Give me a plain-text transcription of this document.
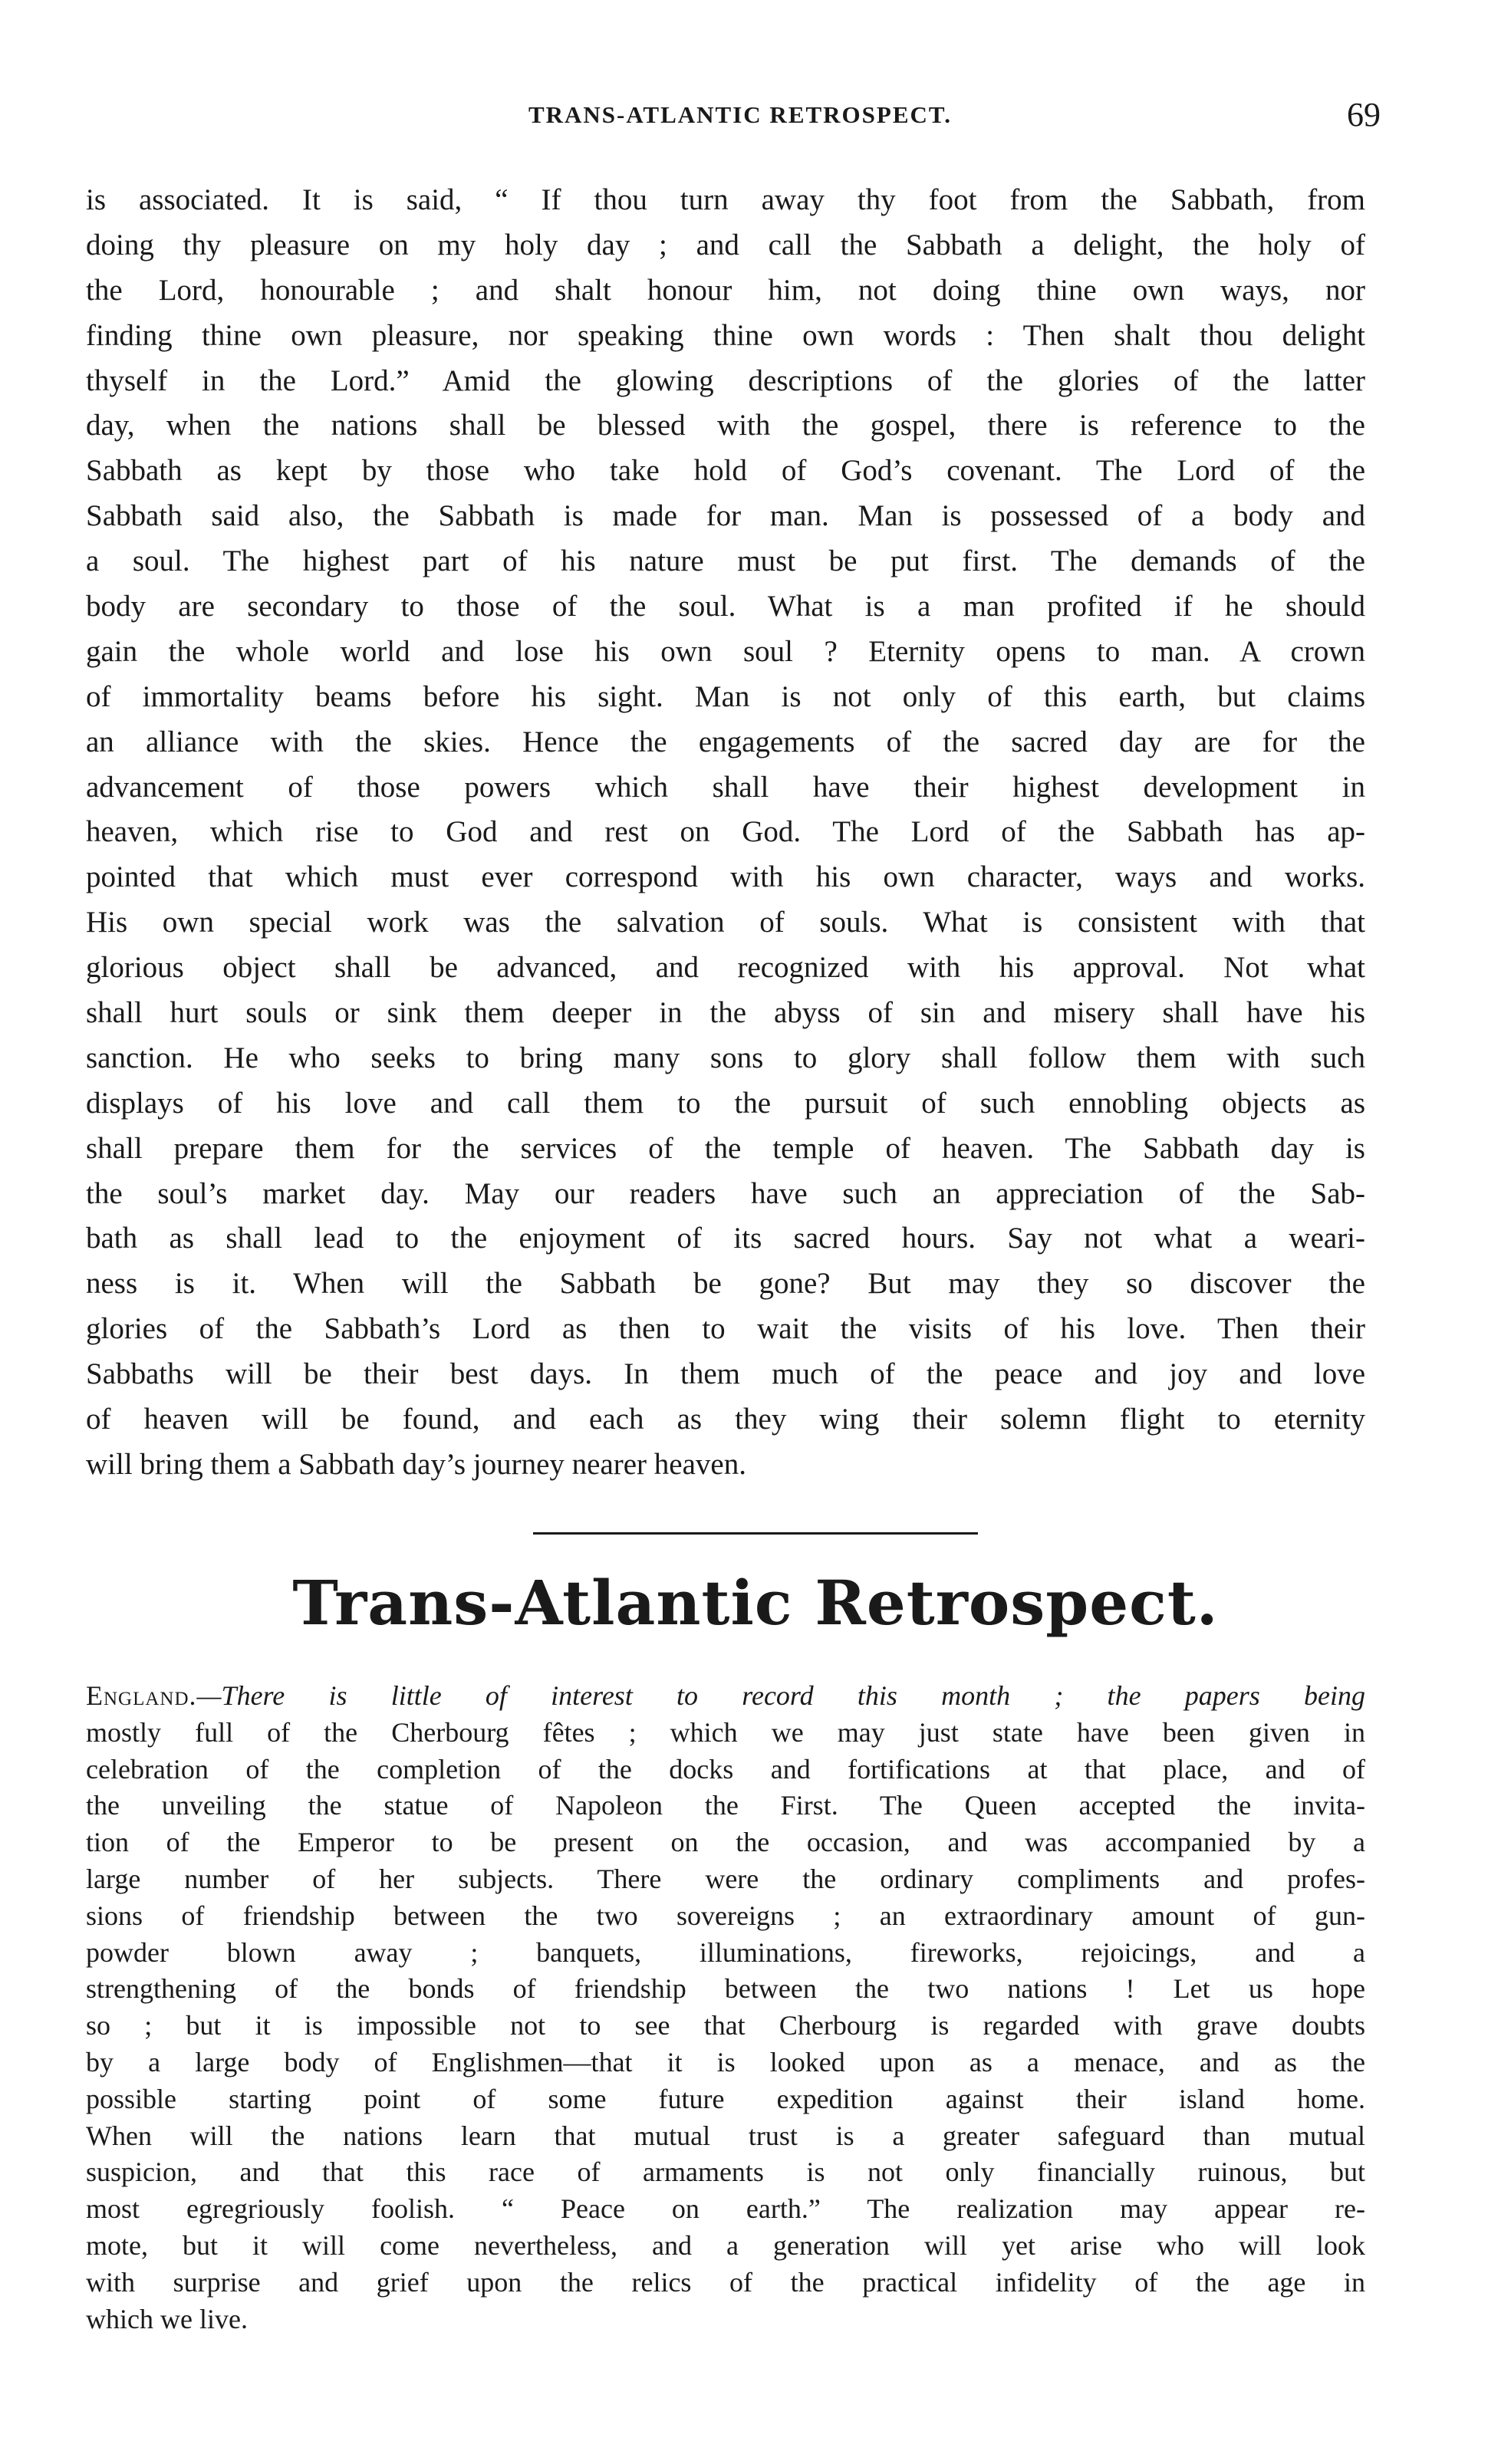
TRANS-ATLANTIC RETROSPECT.	69
is associated. It is said, “ If thou turn away thy foot from the Sabbath, from
doing thy pleasure on my holy day ; and call the Sabbath a delight, the holy of
the Lord, honourable ; and shalt honour him, not doing thine own ways, nor
finding thine own pleasure, nor speaking thine own words : Then shalt thou delight
thyself in the Lord.” Amid the glowing descriptions of the glories of the latter
day, when the nations shall be blessed with the gospel, there is reference to the
Sabbath as kept by those who take hold of God’s covenant. The Lord of the
Sabbath said also, the Sabbath is made for man. Man is possessed of a body and
a soul. The highest part of his nature must be put first. The demands of the
body are secondary to those of the soul. What is a man profited if he should
gain the whole world and lose his own soul ? Eternity opens to man. A crown
of immortality beams before his sight. Man is not only of this earth, but claims
an alliance with the skies. Hence the engagements of the sacred day are for the
advancement of those powers which shall have their highest development in
heaven, which rise to God and rest on God. The Lord of the Sabbath has ap-
pointed that which must ever correspond with his own character, ways and works.
His own special work was the salvation of souls. What is consistent with that
glorious object shall be advanced, and recognized with his approval. Not what
shall hurt souls or sink them deeper in the abyss of sin and misery shall have his
sanction. He who seeks to bring many sons to glory shall follow them with such
displays of his love and call them to the pursuit of such ennobling objects as
shall prepare them for the services of the temple of heaven. The Sabbath day is
the soul’s market day. May our readers have such an appreciation of the Sab-
bath as shall lead to the enjoyment of its sacred hours. Say not what a weari-
ness is it. When will the Sabbath be gone? But may they so discover the
glories of the Sabbath’s Lord as then to wait the visits of his love. Then their
Sabbaths will be their best days. In them much of the peace and joy and love
of heaven will be found, and each as they wing their solemn flight to eternity
will bring them a Sabbath day’s journey nearer heaven.
Trans-Atlantic Retrospect.
England.—There is little of interest to record this month ; the papers being
mostly full of the Cherbourg fêtes ; which we may just state have been given in
celebration of the completion of the docks and fortifications at that place, and of
the unveiling the statue of Napoleon the First. The Queen accepted the invita-
tion of the Emperor to be present on the occasion, and was accompanied by a
large number of her subjects. There were the ordinary compliments and profes-
sions of friendship between the two sovereigns ; an extraordinary amount of gun-
powder blown away ; banquets, illuminations, fireworks, rejoicings, and a
strengthening of the bonds of friendship between the two nations ! Let us hope
so ; but it is impossible not to see that Cherbourg is regarded with grave doubts
by a large body of Englishmen—that it is looked upon as a menace, and as the
possible starting point of some future expedition against their island home.
When will the nations learn that mutual trust is a greater safeguard than mutual
suspicion, and that this race of armaments is not only financially ruinous, but
most egregriously foolish. “ Peace on earth.” The realization may appear re-
mote, but it will come nevertheless, and a generation will yet arise who will look
with surprise and grief upon the relics of the practical infidelity of the age in
which we live.
